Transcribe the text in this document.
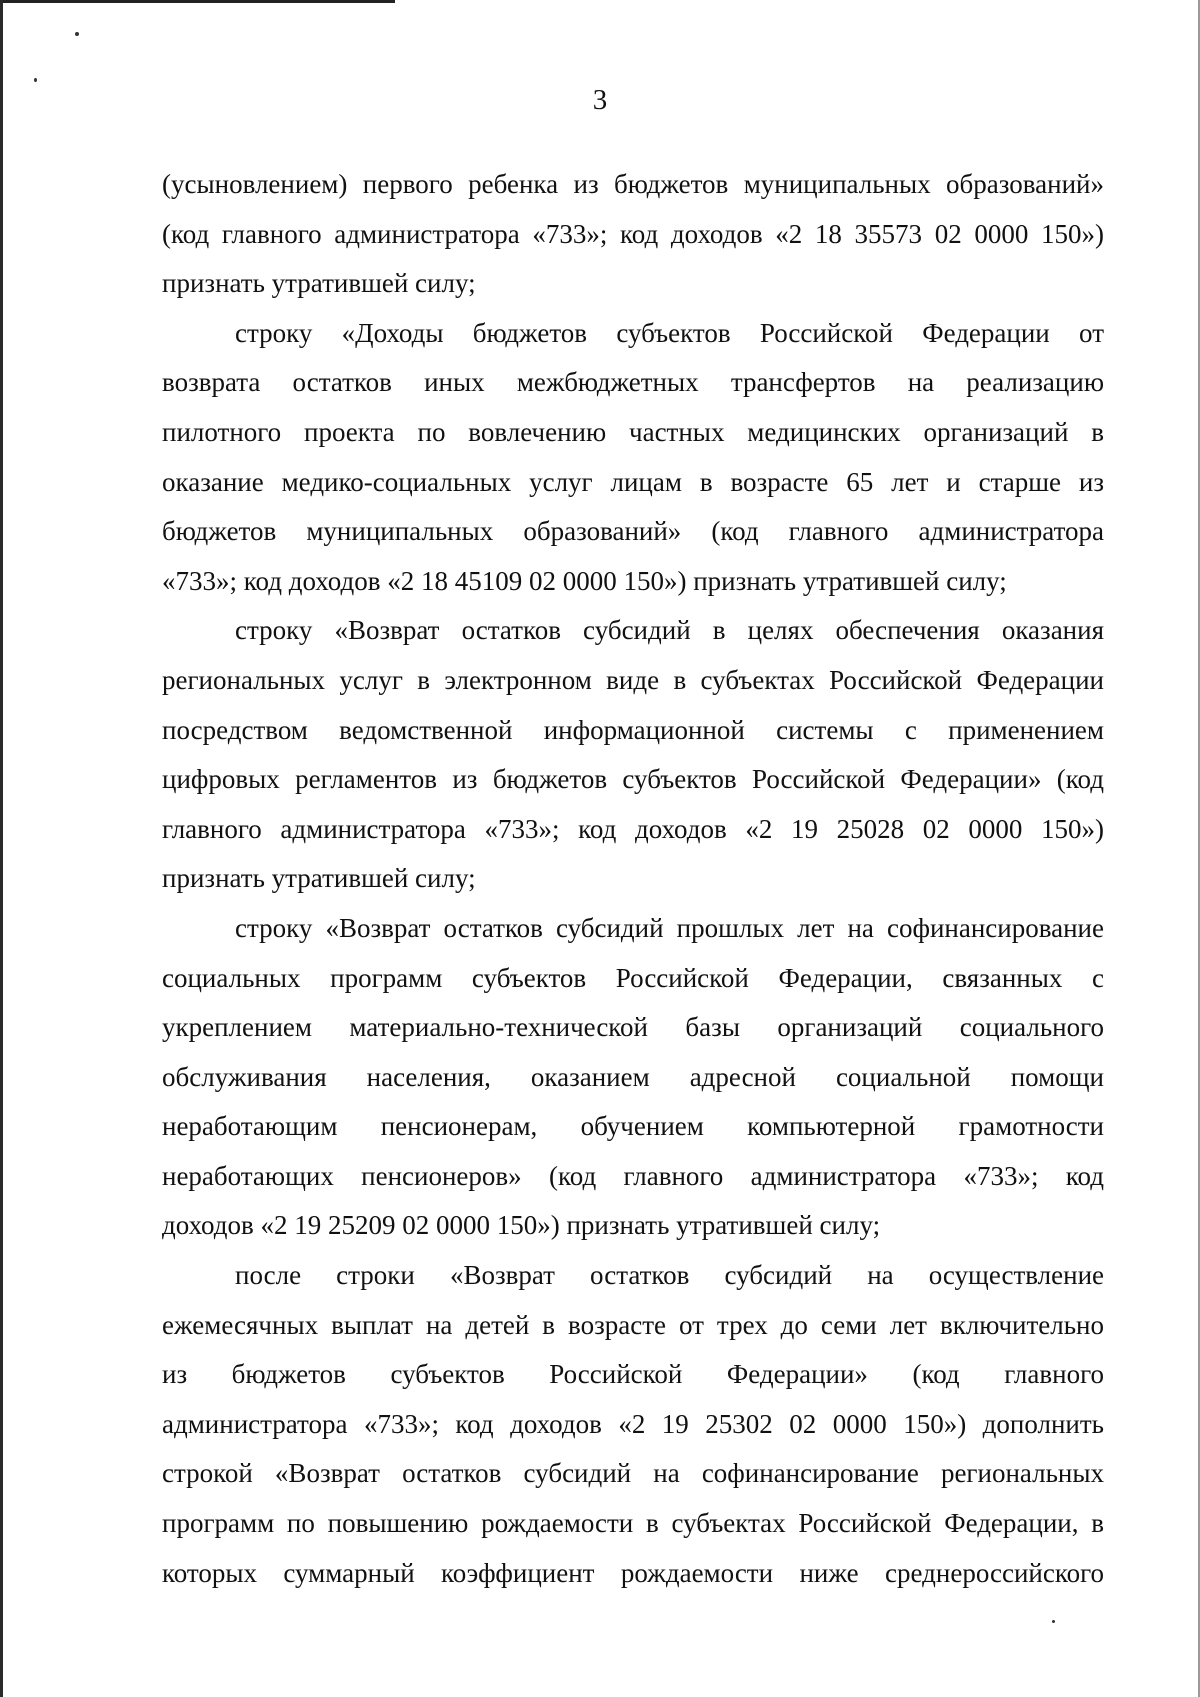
3
(усыновлением) первого ребенка из бюджетов муниципальных образований»
(код главного администратора «733»; код доходов «2 18 35573 02 0000 150»)
признать утратившей силу;
строку «Доходы бюджетов субъектов Российской Федерации от
возврата остатков иных межбюджетных трансфертов на реализацию
пилотного проекта по вовлечению частных медицинских организаций в
оказание медико-социальных услуг лицам в возрасте 65 лет и старше из
бюджетов муниципальных образований» (код главного администратора
«733»; код доходов «2 18 45109 02 0000 150») признать утратившей силу;
строку «Возврат остатков субсидий в целях обеспечения оказания
региональных услуг в электронном виде в субъектах Российской Федерации
посредством ведомственной информационной системы с применением
цифровых регламентов из бюджетов субъектов Российской Федерации» (код
главного администратора «733»; код доходов «2 19 25028 02 0000 150»)
признать утратившей силу;
строку «Возврат остатков субсидий прошлых лет на софинансирование
социальных программ субъектов Российской Федерации, связанных с
укреплением материально-технической базы организаций социального
обслуживания населения, оказанием адресной социальной помощи
неработающим пенсионерам, обучением компьютерной грамотности
неработающих пенсионеров» (код главного администратора «733»; код
доходов «2 19 25209 02 0000 150») признать утратившей силу;
после строки «Возврат остатков субсидий на осуществление
ежемесячных выплат на детей в возрасте от трех до семи лет включительно
из бюджетов субъектов Российской Федерации» (код главного
администратора «733»; код доходов «2 19 25302 02 0000 150») дополнить
строкой «Возврат остатков субсидий на софинансирование региональных
программ по повышению рождаемости в субъектах Российской Федерации, в
которых суммарный коэффициент рождаемости ниже среднероссийского
